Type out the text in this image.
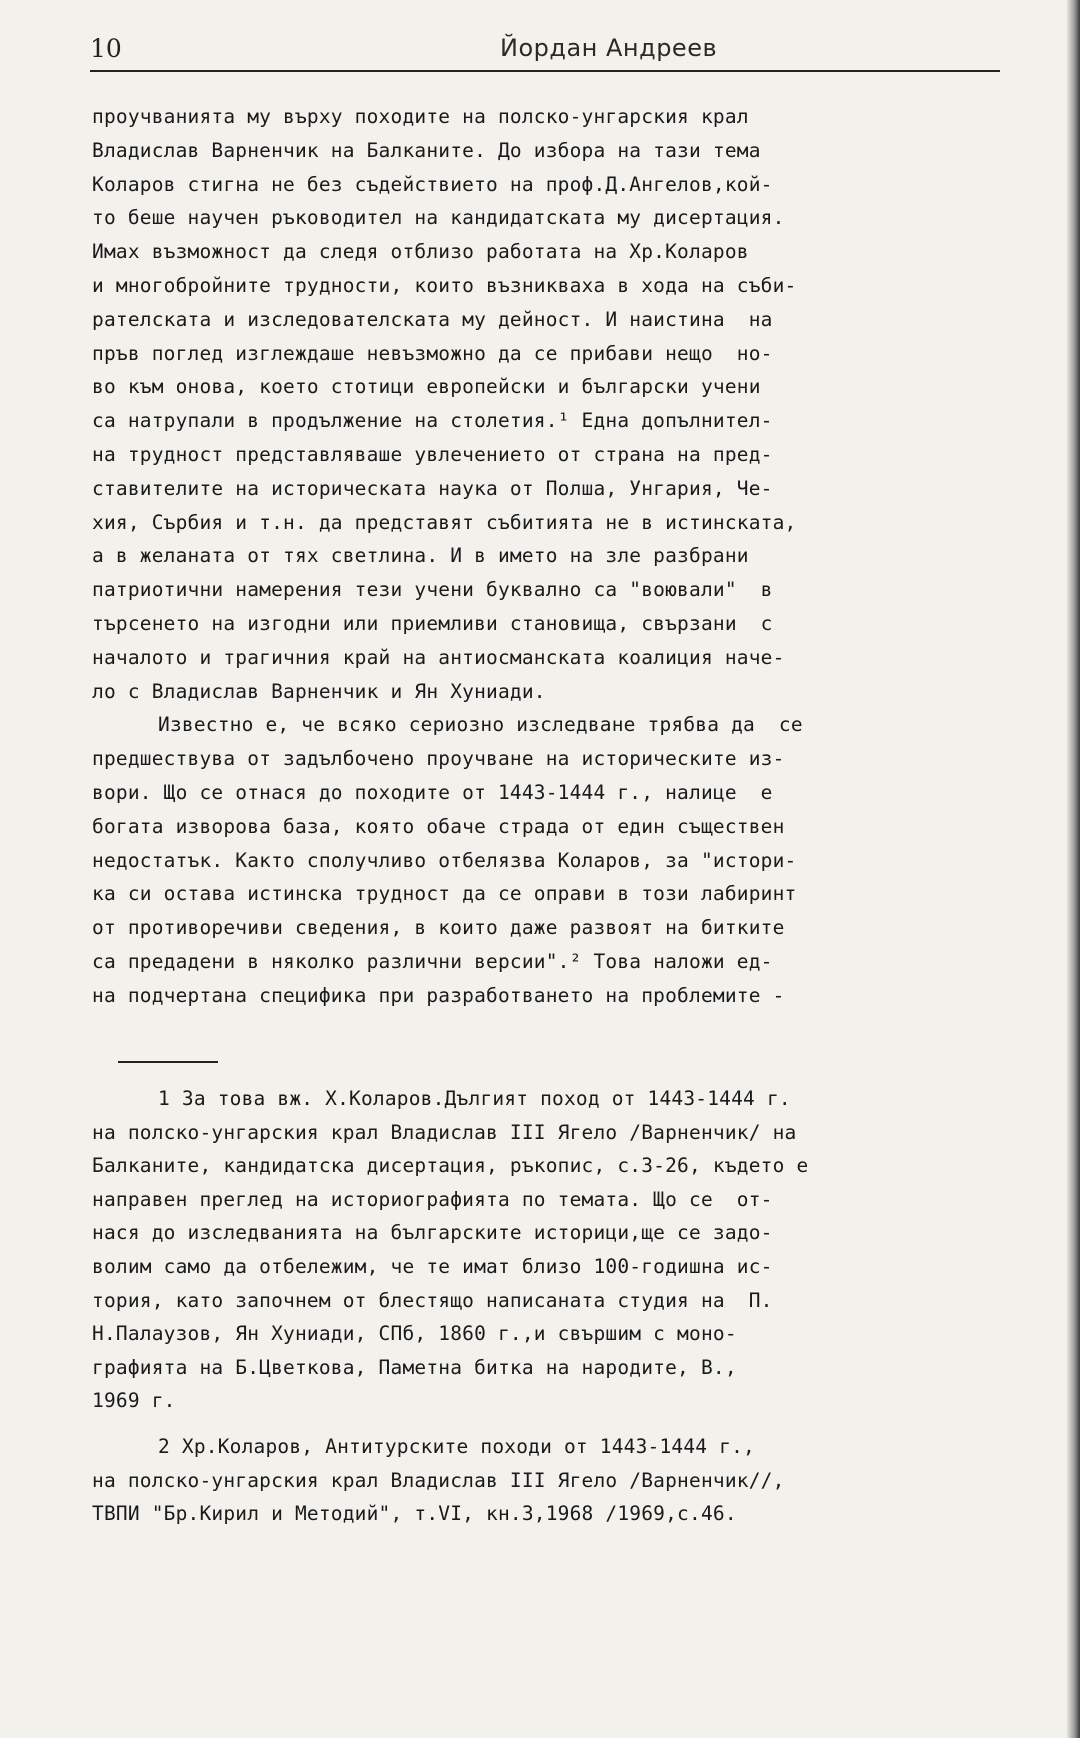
10	Йордан Андреев
проучванията му върху походите на полско-унгарския крал
Владислав Варненчик на Балканите. До избора на тази тема
Коларов стигна не без съдействието на проф.Д.Ангелов,кой-
то беше научен ръководител на кандидатската му дисертация.
Имах възможност да следя отблизо работата на Хр.Коларов
и многобройните трудности, които възникваха в хода на съби-
рателската и изследователската му дейност. И наистина  на
пръв поглед изглеждаше невъзможно да се прибави нещо  но-
во към онова, което стотици европейски и български учени
са натрупали в продължение на столетия.¹ Една допълнител-
на трудност представляваше увлечението от страна на пред-
ставителите на историческата наука от Полша, Унгария, Че-
хия, Сърбия и т.н. да представят събитията не в истинската,
а в желаната от тях светлина. И в името на зле разбрани
патриотични намерения тези учени буквално са "воювали"  в
търсенето на изгодни или приемливи становища, свързани  с
началото и трагичния край на антиосманската коалиция наче-
ло с Владислав Варненчик и Ян Хуниади.
Известно е, че всяко сериозно изследване трябва да  се
предшествува от задълбочено проучване на историческите из-
вори. Що се отнася до походите от 1443-1444 г., налице  е
богата изворова база, която обаче страда от един съществен
недостатък. Както сполучливо отбелязва Коларов, за "истори-
ка си остава истинска трудност да се оправи в този лабиринт
от противоречиви сведения, в които даже развоят на битките
са предадени в няколко различни версии".² Това наложи ед-
на подчертана специфика при разработването на проблемите -
1 За това вж. Х.Коларов.Дългият поход от 1443-1444 г.
на полско-унгарския крал Владислав III Ягело /Варненчик/ на
Балканите, кандидатска дисертация, ръкопис, с.3-26, където е
направен преглед на историографията по темата. Що се  от-
нася до изследванията на българските историци,ще се задо-
волим само да отбележим, че те имат близо 100-годишна ис-
тория, като започнем от блестящо написаната студия на  П.
Н.Палаузов, Ян Хуниади, СПб, 1860 г.,и свършим с моно-
графията на Б.Цветкова, Паметна битка на народите, В.,
1969 г.
2 Хр.Коларов, Антитурските походи от 1443-1444 г.,
на полско-унгарския крал Владислав III Ягело /Варненчик//,
ТВПИ "Бр.Кирил и Методий", т.VI, кн.3,1968 /1969,с.46.
